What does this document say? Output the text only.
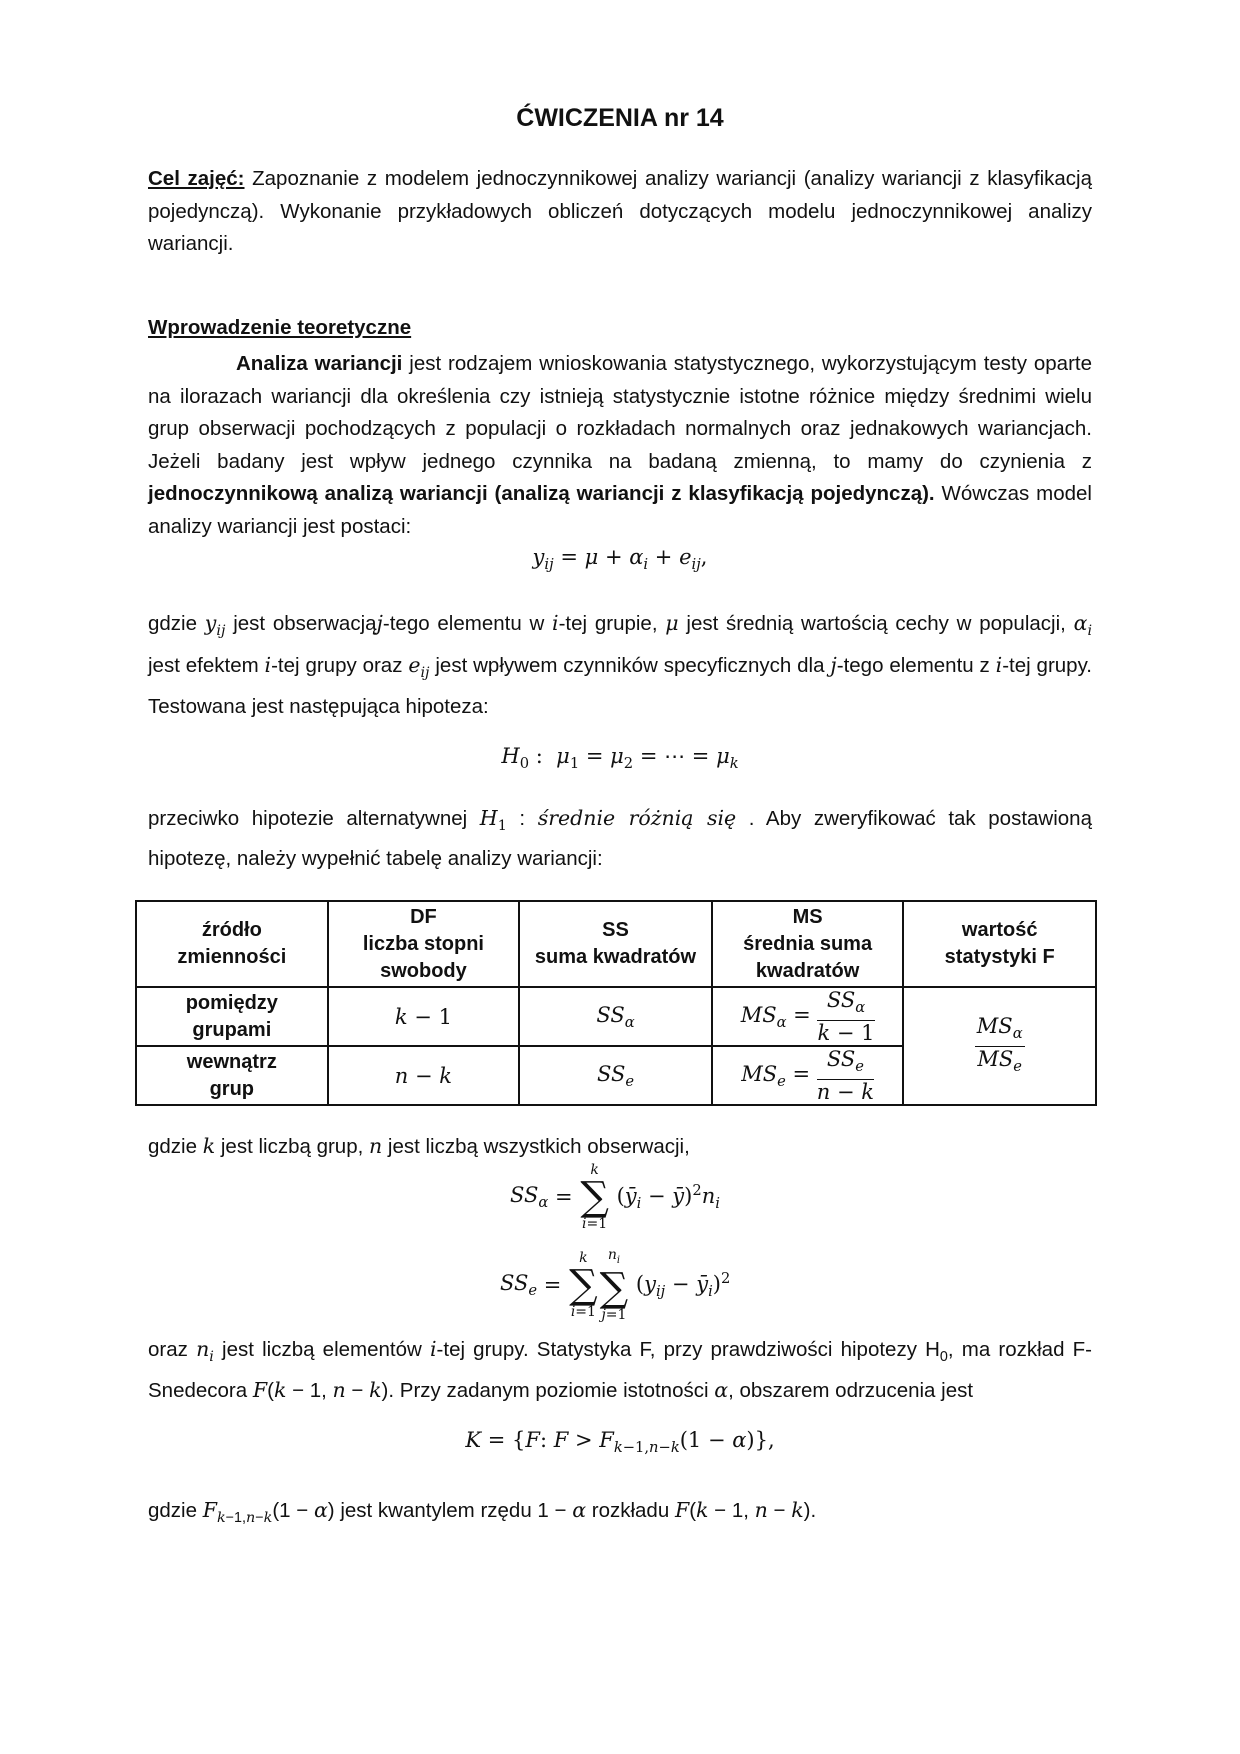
ĆWICZENIA nr 14
Cel zajęć: Zapoznanie z modelem jednoczynnikowej analizy wariancji (analizy wariancji z klasyfikacją pojedynczą). Wykonanie przykładowych obliczeń dotyczących modelu jednoczynnikowej analizy wariancji.
Wprowadzenie teoretyczne
Analiza wariancji jest rodzajem wnioskowania statystycznego, wykorzystującym testy oparte na ilorazach wariancji dla określenia czy istnieją statystycznie istotne różnice między średnimi wielu grup obserwacji pochodzących z populacji o rozkładach normalnych oraz jednakowych wariancjach. Jeżeli badany jest wpływ jednego czynnika na badaną zmienną, to mamy do czynienia z jednoczynnikową analizą wariancji (analizą wariancji z klasyfikacją pojedynczą). Wówczas model analizy wariancji jest postaci:
$y_{ij} = \mu + \alpha_i + e_{ij}$,
gdzie $y_{ij}$ jest obserwacjąj-tego elementu w i-tej grupie, μ jest średnią wartością cechy w populacji, $\alpha_i$ jest efektem i-tej grupy oraz $e_{ij}$ jest wpływem czynników specyficznych dla j-tego elementu z i-tej grupy. Testowana jest następująca hipoteza:
$H_0$ :  $\mu_1 = \mu_2$ = ⋯ = $\mu_k$
przeciwko hipotezie alternatywnej $H_1$ : średnie różnią się . Aby zweryfikować tak postawioną hipotezę, należy wypełnić tabelę analizy wariancji:
źródło
zmienności	DF
liczba stopni
swobody	SS
suma kwadratów	MS
średnia suma
kwadratów	wartość
statystyki F
pomiędzy
grupami	k − 1	$SS_\alpha$	$MS_\alpha = \frac{SS_\alpha}{k - 1}$	$\frac{MS_\alpha}{MS_e}$

wewnątrz
grup	n − k	$SS_e$	$MS_e = \frac{SS_e}{n - k}$
gdzie k jest liczbą grup, n jest liczbą wszystkich obserwacji,
$SS_\alpha$ =
k
∑
i=1
($ȳ_i$ − $ȳ)^2n_i$
$SS_e$ =
k
∑
i=1
$n_i$
∑
j=1
($y_{ij}$ − $ȳ_i)^2$
oraz $n_i$ jest liczbą elementów i-tej grupy. Statystyka F, przy prawdziwości hipotezy $H_0$, ma rozkład F-Snedecora F(k − 1, n − k). Przy zadanym poziomie istotności α, obszarem odrzucenia jest
K = {F: $F > F_{k-1,n-k}(1 - \alpha)$},
gdzie $F_{k-1,n-k}(1 - \alpha)$ jest kwantylem rzędu 1 − α rozkładu F(k − 1, n − k).
